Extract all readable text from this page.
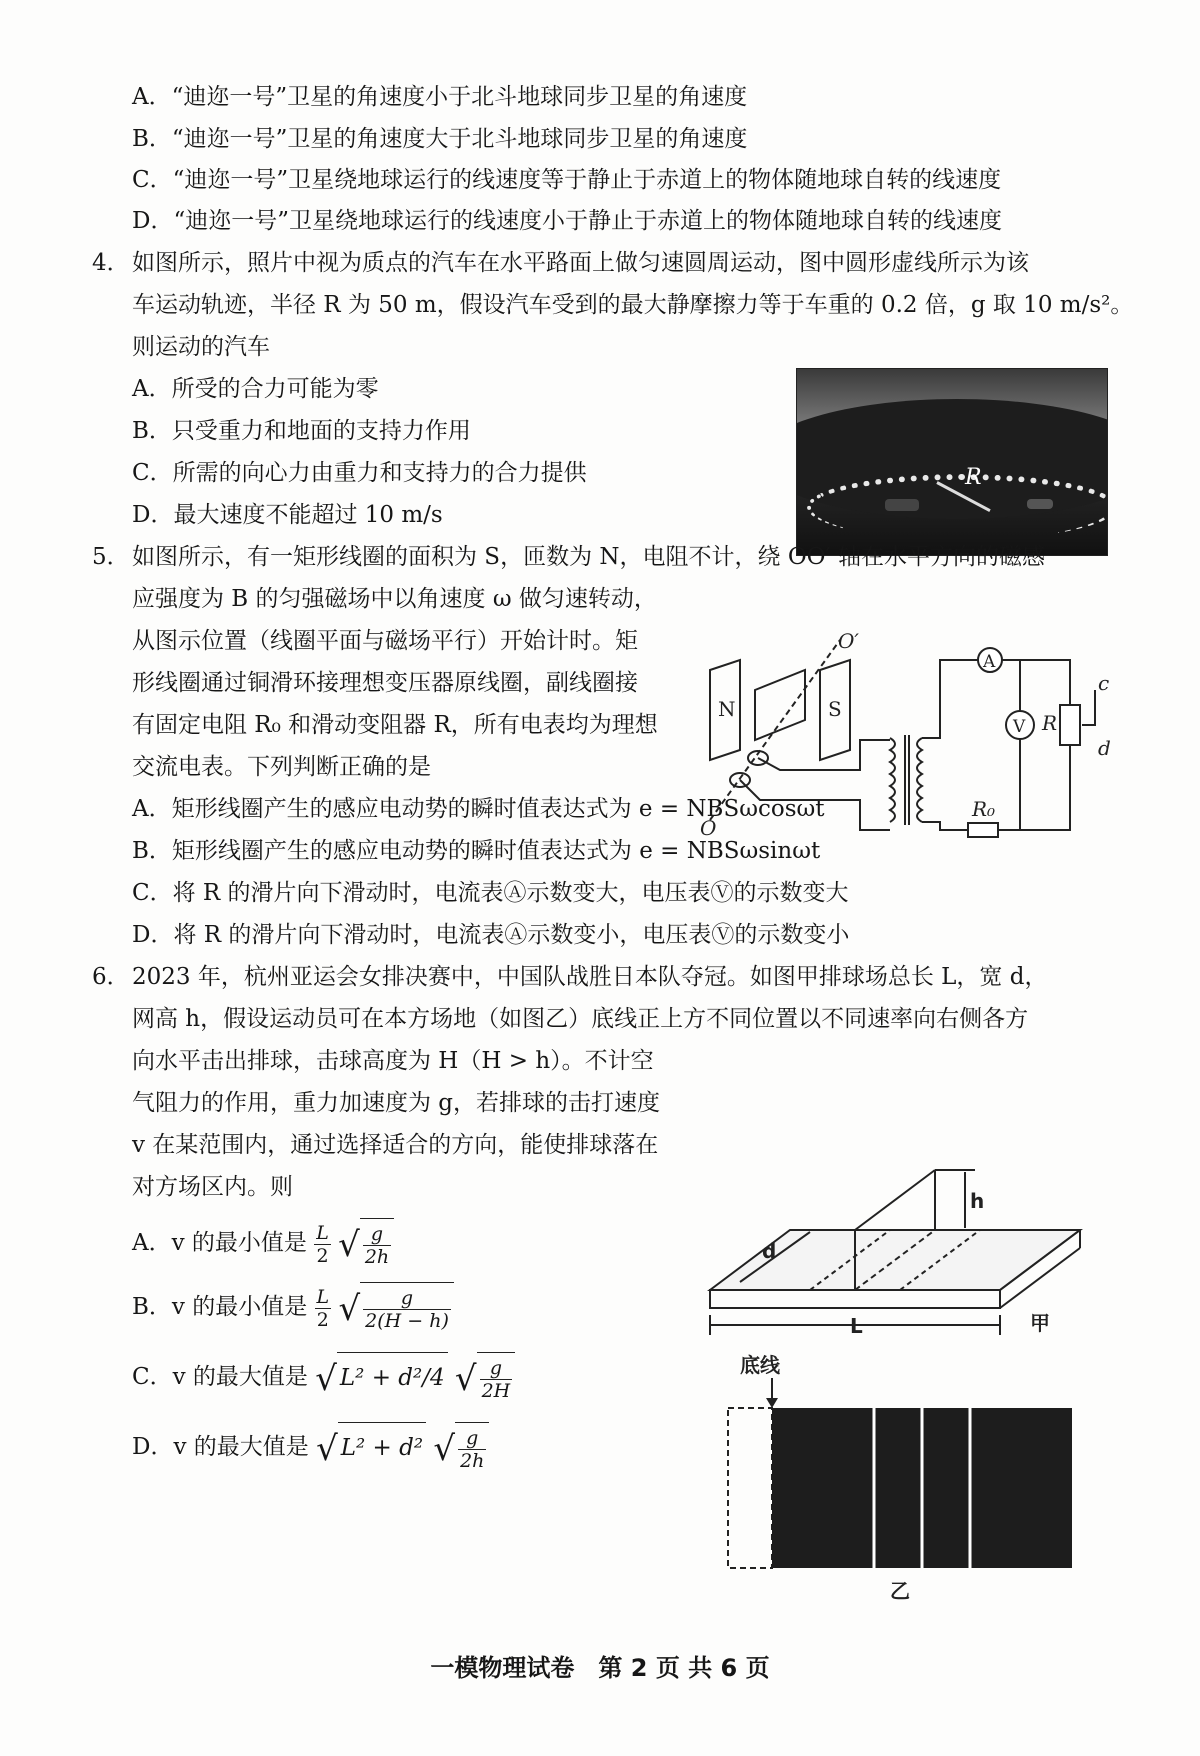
A．“迪迩一号”卫星的角速度小于北斗地球同步卫星的角速度
B．“迪迩一号”卫星的角速度大于北斗地球同步卫星的角速度
C．“迪迩一号”卫星绕地球运行的线速度等于静止于赤道上的物体随地球自转的线速度
D．“迪迩一号”卫星绕地球运行的线速度小于静止于赤道上的物体随地球自转的线速度
4． 如图所示，照片中视为质点的汽车在水平路面上做匀速圆周运动，图中圆形虚线所示为该
车运动轨迹，半径 R 为 50 m，假设汽车受到的最大静摩擦力等于车重的 0.2 倍，g 取 10 m/s²。
则运动的汽车
A．所受的合力可能为零
B．只受重力和地面的支持力作用
C．所需的向心力由重力和支持力的合力提供
D．最大速度不能超过 10 m/s
R
5． 如图所示，有一矩形线圈的面积为 S，匝数为 N，电阻不计，绕 OO′ 轴在水平方向的磁感
应强度为 B 的匀强磁场中以角速度 ω 做匀速转动，
从图示位置（线圈平面与磁场平行）开始计时。矩
形线圈通过铜滑环接理想变压器原线圈，副线圈接
有固定电阻 R₀ 和滑动变阻器 R，所有电表均为理想
交流电表。下列判断正确的是
A．矩形线圈产生的感应电动势的瞬时值表达式为 e = NBSωcosωt
B．矩形线圈产生的感应电动势的瞬时值表达式为 e = NBSωsinωt
C．将 R 的滑片向下滑动时，电流表Ⓐ示数变大，电压表Ⓥ的示数变大
D．将 R 的滑片向下滑动时，电流表Ⓐ示数变小，电压表Ⓥ的示数变小
O′
O
N	S
A
V R
R₀
c
d
6． 2023 年，杭州亚运会女排决赛中，中国队战胜日本队夺冠。如图甲排球场总长 L，宽 d，
网高 h，假设运动员可在本方场地（如图乙）底线正上方不同位置以不同速率向右侧各方
向水平击出排球，击球高度为 H（H > h）。不计空
气阻力的作用，重力加速度为 g，若排球的击打速度
v 在某范围内，通过选择适合的方向，能使排球落在
对方场区内。则
A．v 的最小值是 $\frac{L}{2}$ √ $\frac{g}{2h}$
B．v 的最小值是 $\frac{L}{2}$ √ $\frac{g}{2(H - h)}$
C．v 的最大值是 √ L² + d²/4 √ $\frac{g}{2H}$
D．v 的最大值是 √ L² + d² √ $\frac{g}{2h}$
h
d
L	甲
底线
乙
一模物理试卷　第 2 页 共 6 页
